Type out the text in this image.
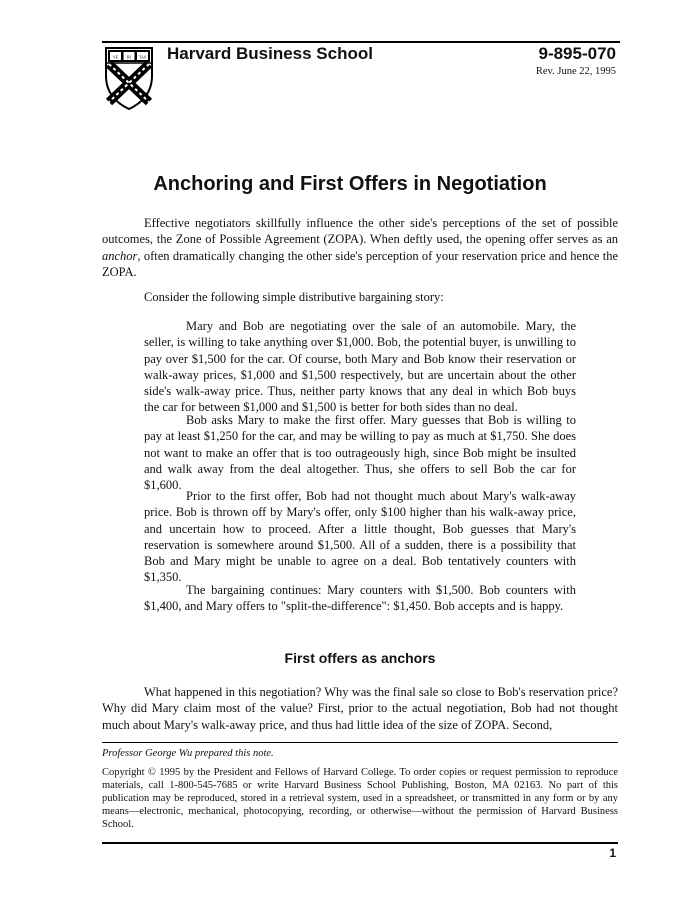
VE RI TAS Harvard Business School	9-895-070
Rev. June 22, 1995
Anchoring and First Offers in Negotiation
Effective negotiators skillfully influence the other side's perceptions of the set of possible outcomes, the Zone of Possible Agreement (ZOPA). When deftly used, the opening offer serves as an anchor, often dramatically changing the other side's perception of your reservation price and hence the ZOPA.
Consider the following simple distributive bargaining story:
Mary and Bob are negotiating over the sale of an automobile. Mary, the seller, is willing to take anything over $1,000. Bob, the potential buyer, is unwilling to pay over $1,500 for the car. Of course, both Mary and Bob know their reservation or walk-away prices, $1,000 and $1,500 respectively, but are uncertain about the other side's walk-away price. Thus, neither party knows that any deal in which Bob buys the car for between $1,000 and $1,500 is better for both sides than no deal.
Bob asks Mary to make the first offer. Mary guesses that Bob is willing to pay at least $1,250 for the car, and may be willing to pay as much at $1,750. She does not want to make an offer that is too outrageously high, since Bob might be insulted and walk away from the deal altogether. Thus, she offers to sell Bob the car for $1,600.
Prior to the first offer, Bob had not thought much about Mary's walk-away price. Bob is thrown off by Mary's offer, only $100 higher than his walk-away price, and uncertain how to proceed. After a little thought, Bob guesses that Mary's reservation is somewhere around $1,500. All of a sudden, there is a possibility that Bob and Mary might be unable to agree on a deal. Bob tentatively counters with $1,350.
The bargaining continues: Mary counters with $1,500. Bob counters with $1,400, and Mary offers to "split-the-difference": $1,450. Bob accepts and is happy.
First offers as anchors
What happened in this negotiation? Why was the final sale so close to Bob's reservation price? Why did Mary claim most of the value? First, prior to the actual negotiation, Bob had not thought much about Mary's walk-away price, and thus had little idea of the size of ZOPA. Second,
Professor George Wu prepared this note.
Copyright © 1995 by the President and Fellows of Harvard College. To order copies or request permission to reproduce materials, call 1-800-545-7685 or write Harvard Business School Publishing, Boston, MA 02163. No part of this publication may be reproduced, stored in a retrieval system, used in a spreadsheet, or transmitted in any form or by any means—electronic, mechanical, photocopying, recording, or otherwise—without the permission of Harvard Business School.
1
